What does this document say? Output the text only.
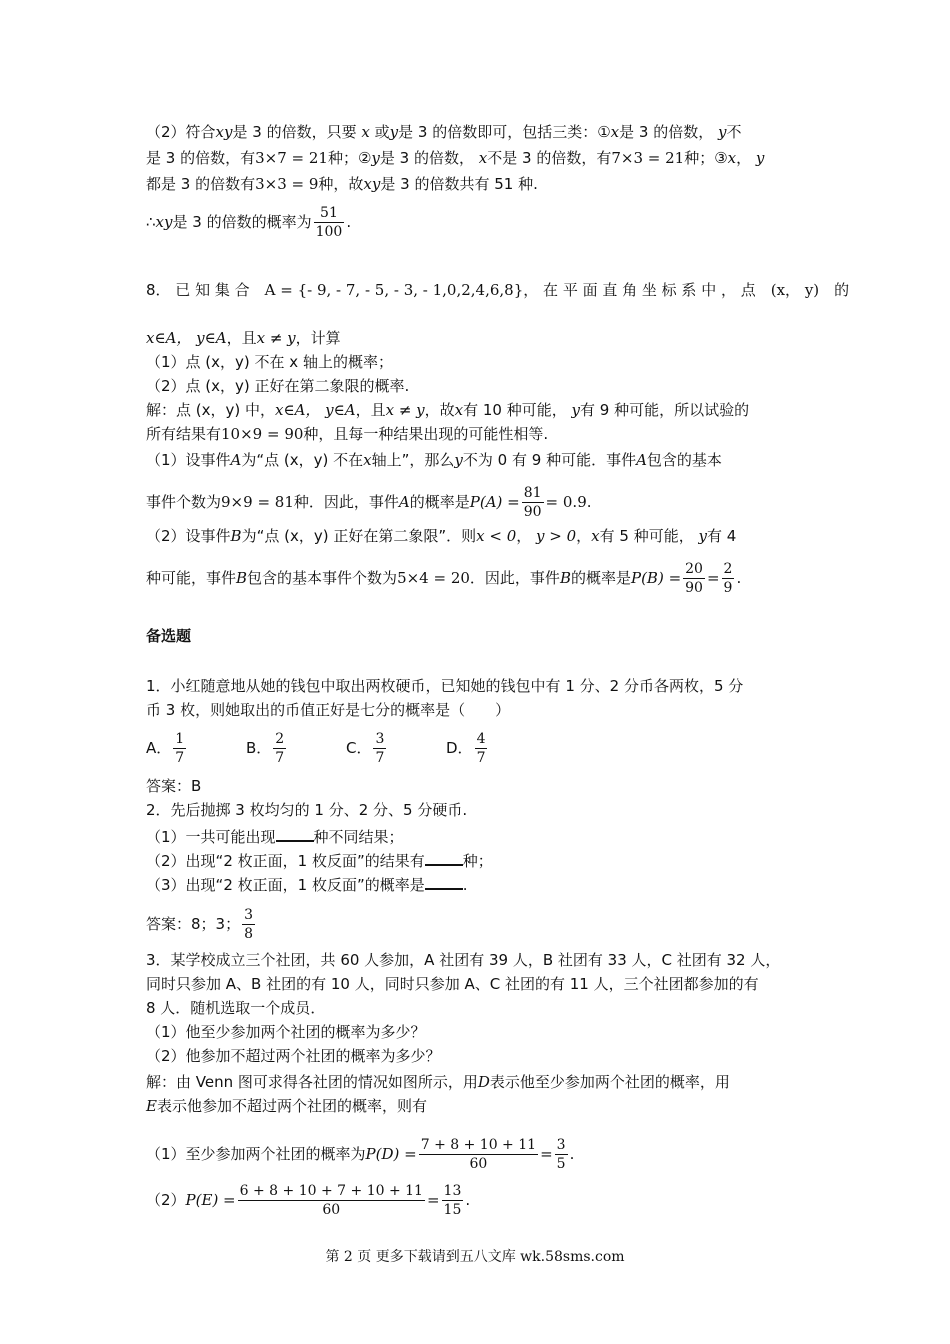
（2）符合xy是 3 的倍数，只要 x 或y是 3 的倍数即可，包括三类：①x是 3 的倍数， y不
是 3 的倍数，有3×7 = 21种；②y是 3 的倍数， x不是 3 的倍数，有7×3 = 21种；③x， y
都是 3 的倍数有3×3 = 9种，故xy是 3 的倍数共有 51 种.
∴xy是 3 的倍数的概率为 $\frac{51}{100}$ .
8． 已 知 集 合　 A = {- 9, - 7, - 5, - 3, - 1,0,2,4,6,8}， 在 平 面 直 角 坐 标 系 中 ， 点　 (x， y)　 的
x∈A， y∈A，且x ≠ y，计算
（1）点 (x，y) 不在 x 轴上的概率；
（2）点 (x，y) 正好在第二象限的概率.
解：点 (x，y) 中，x∈A， y∈A，且x ≠ y，故x有 10 种可能， y有 9 种可能，所以试验的
所有结果有10×9 = 90种，且每一种结果出现的可能性相等.
（1）设事件A为“点 (x，y) 不在x轴上”，那么y不为 0 有 9 种可能．事件A包含的基本
事件个数为9×9 = 81种．因此，事件A的概率是$P(A) = \frac{81}{90} = 0.9$.
（2）设事件B为“点 (x，y) 正好在第二象限”．则x < 0， y > 0，x有 5 种可能， y有 4
种可能，事件B包含的基本事件个数为5×4 = 20．因此，事件B的概率是$P(B) = \frac{20}{90} = \frac{2}{9}$ .
备选题
1．小红随意地从她的钱包中取出两枚硬币，已知她的钱包中有 1 分、2 分币各两枚，5 分
币 3 枚，则她取出的币值正好是七分的概率是（　　）
A． $\frac{1}{7}$	B． $\frac{2}{7}$	C． $\frac{3}{7}$	D． $\frac{4}{7}$
答案：B
2．先后抛掷 3 枚均匀的 1 分、2 分、5 分硬币.
（1）一共可能出现	种不同结果；
（2）出现“2 枚正面，1 枚反面”的结果有	种；
（3）出现“2 枚正面，1 枚反面”的概率是	.
答案：8；3； $\frac{3}{8}$
3．某学校成立三个社团，共 60 人参加，A 社团有 39 人，B 社团有 33 人，C 社团有 32 人，
同时只参加 A、B 社团的有 10 人，同时只参加 A、C 社团的有 11 人，三个社团都参加的有
8 人．随机选取一个成员．
（1）他至少参加两个社团的概率为多少？
（2）他参加不超过两个社团的概率为多少？
解：由 Venn 图可求得各社团的情况如图所示，用D表示他至少参加两个社团的概率，用
E表示他参加不超过两个社团的概率，则有
（1）至少参加两个社团的概率为$P(D) = \frac{7 + 8 + 10 + 11}{60} = \frac{3}{5}$ .
$(2)P(E) = \frac{6 + 8 + 10 + 7 + 10 + 11}{60} = \frac{13}{15}$ .
第 2 页 更多下载请到五八文库 wk.58sms.com
